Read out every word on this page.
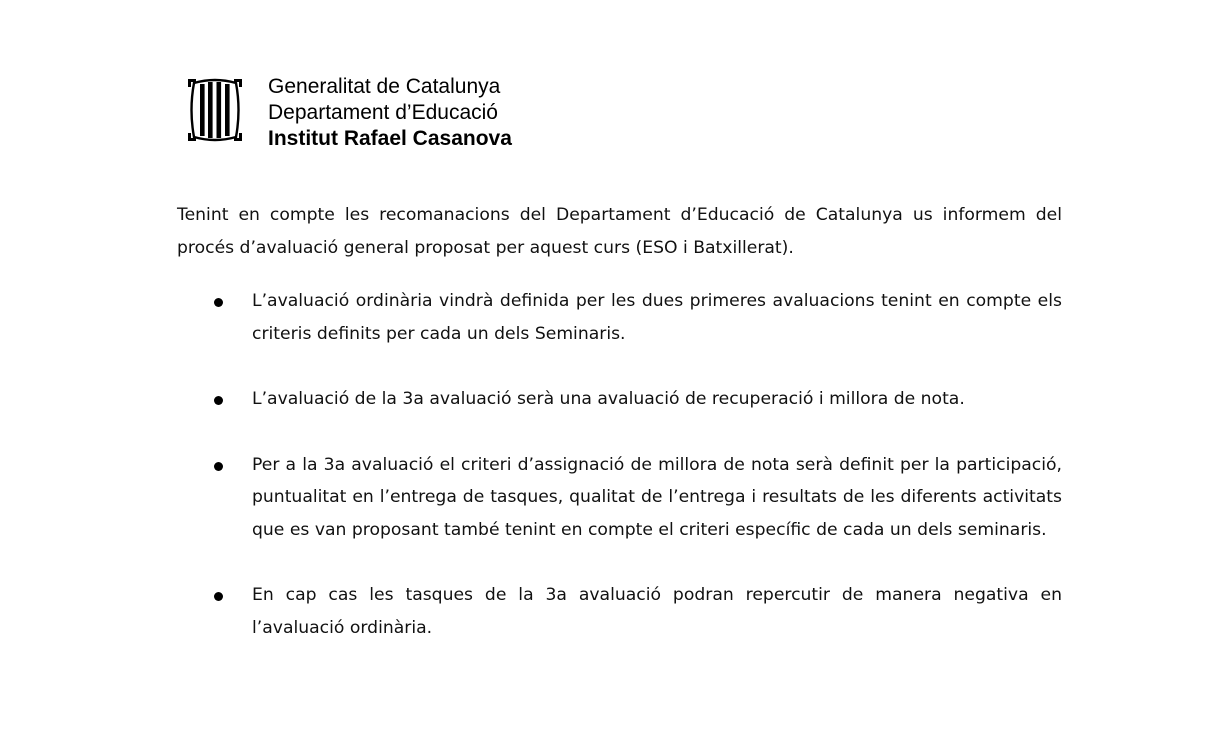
Generalitat de Catalunya
Departament d’Educació
Institut Rafael Casanova

Tenint en compte les recomanacions del Departament d’Educació de Catalunya us informem del procés d’avaluació general proposat per aquest curs (ESO i Batxillerat).

L’avaluació ordinària vindrà definida per les dues primeres avaluacions tenint en compte els criteris definits per cada un dels Seminaris.
L’avaluació de la 3a avaluació serà una avaluació de recuperació i millora de nota.
Per a la 3a avaluació el criteri d’assignació de millora de nota serà definit per la participació, puntualitat en l’entrega de tasques, qualitat de l’entrega i resultats de les diferents activitats que es van proposant també tenint en compte el criteri específic de cada un dels seminaris.
En cap cas les tasques de la 3a avaluació podran repercutir de manera negativa en l’avaluació ordinària.
